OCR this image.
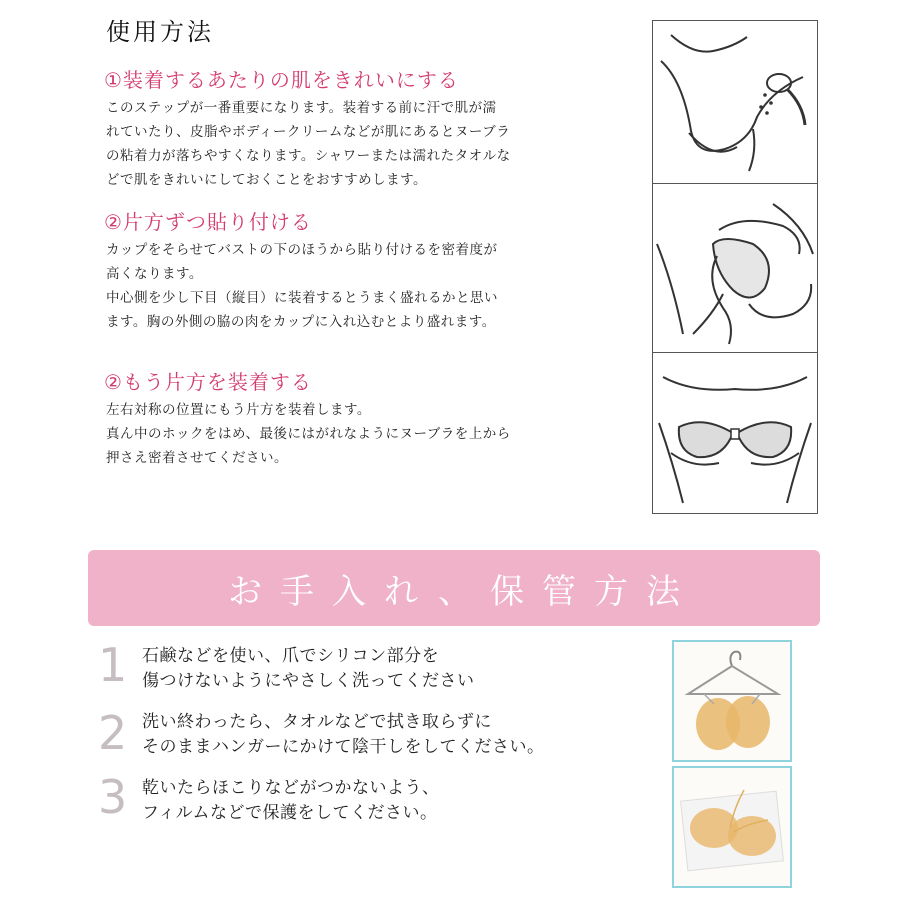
使用方法
①装着するあたりの肌をきれいにする
このステップが一番重要になります。装着する前に汗で肌が濡
れていたり、皮脂やボディークリームなどが肌にあるとヌーブラ
の粘着力が落ちやすくなります。シャワーまたは濡れたタオルな
どで肌をきれいにしておくことをおすすめします。
②片方ずつ貼り付ける
カップをそらせてバストの下のほうから貼り付けるを密着度が
高くなります。
中心側を少し下目（縦目）に装着するとうまく盛れるかと思い
ます。胸の外側の脇の肉をカップに入れ込むとより盛れます。
②もう片方を装着する
左右対称の位置にもう片方を装着します。
真ん中のホックをはめ、最後にはがれなようにヌーブラを上から
押さえ密着させてください。
お手入れ、保管方法
1 石鹸などを使い、爪でシリコン部分を
傷つけないようにやさしく洗ってください
2 洗い終わったら、タオルなどで拭き取らずに
そのままハンガーにかけて陰干しをしてください。
3 乾いたらほこりなどがつかないよう、
フィルムなどで保護をしてください。
